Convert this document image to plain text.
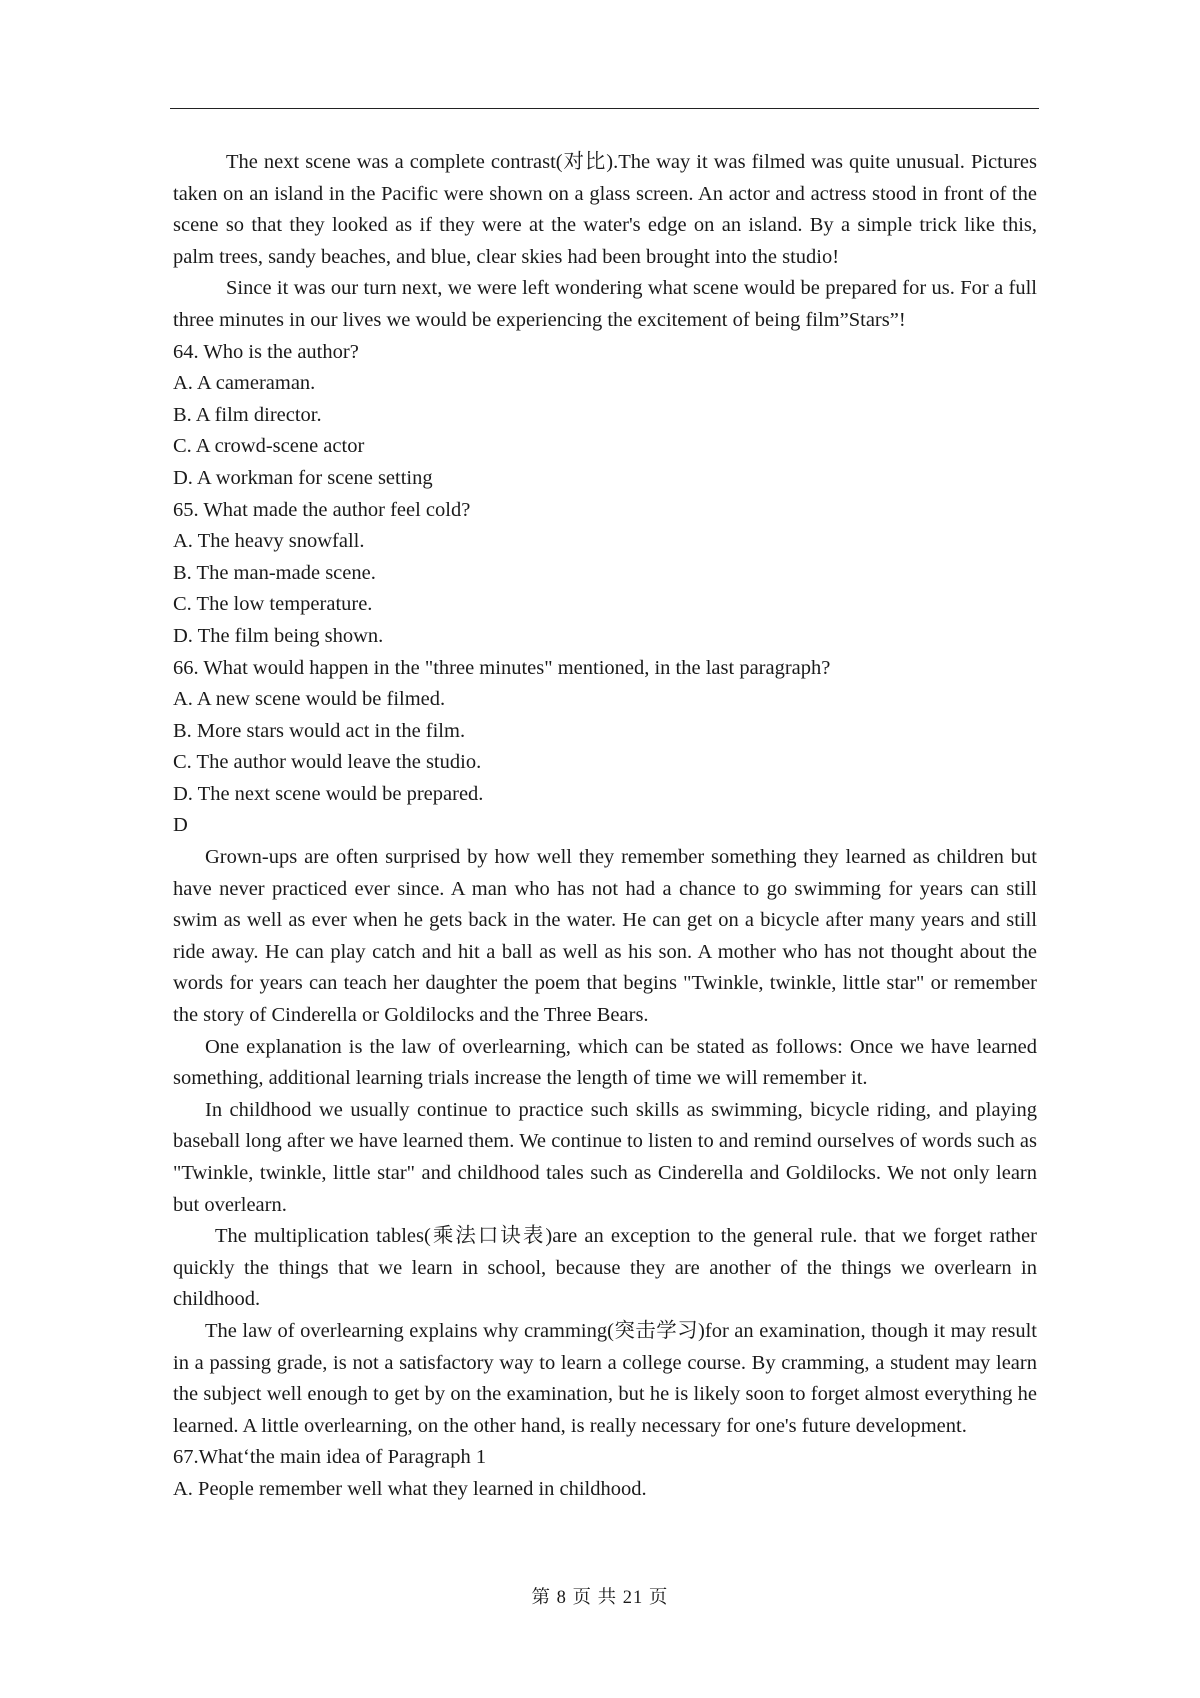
The next scene was a complete contrast(对比).The way it was filmed was quite unusual. Pictures taken on an island in the Pacific were shown on a glass screen. An actor and actress stood in front of the scene so that they looked as if they were at the water's edge on an island. By a simple trick like this, palm trees, sandy beaches, and blue, clear skies had been brought into the studio!

Since it was our turn next, we were left wondering what scene would be prepared for us. For a full three minutes in our lives we would be experiencing the excitement of being film”Stars”!

64. Who is the author?

A. A cameraman.

B. A film director.

C. A crowd-scene actor

D. A workman for scene setting

65. What made the author feel cold?

A. The heavy snowfall.

B. The man-made scene.

C. The low temperature.

D. The film being shown.

66. What would happen in the "three minutes" mentioned, in the last paragraph?

A. A new scene would be filmed.

B. More stars would act in the film.

C. The author would leave the studio.

D. The next scene would be prepared.

D

Grown-ups are often surprised by how well they remember something they learned as children but have never practiced ever since. A man who has not had a chance to go swimming for years can still swim as well as ever when he gets back in the water. He can get on a bicycle after many years and still ride away. He can play catch and hit a ball as well as his son. A mother who has not thought about the words for years can teach her daughter the poem that begins "Twinkle, twinkle, little star" or remember the story of Cinderella or Goldilocks and the Three Bears.

One explanation is the law of overlearning, which can be stated as follows: Once we have learned something, additional learning trials increase the length of time we will remember it.

In childhood we usually continue to practice such skills as swimming, bicycle riding, and playing baseball long after we have learned them. We continue to listen to and remind ourselves of words such as "Twinkle, twinkle, little star" and childhood tales such as Cinderella and Goldilocks. We not only learn but overlearn.

The multiplication tables(乘法口诀表)are an exception to the general rule. that we forget rather quickly the things that we learn in school, because they are another of the things we overlearn in childhood.

The law of overlearning explains why cramming(突击学习)for an examination, though it may result in a passing grade, is not a satisfactory way to learn a college course. By cramming, a student may learn the subject well enough to get by on the examination, but he is likely soon to forget almost everything he learned. A little overlearning, on the other hand, is really necessary for one's future development.

67.What‘the main idea of Paragraph 1

A. People remember well what they learned in childhood.

第 8 页 共 21 页
